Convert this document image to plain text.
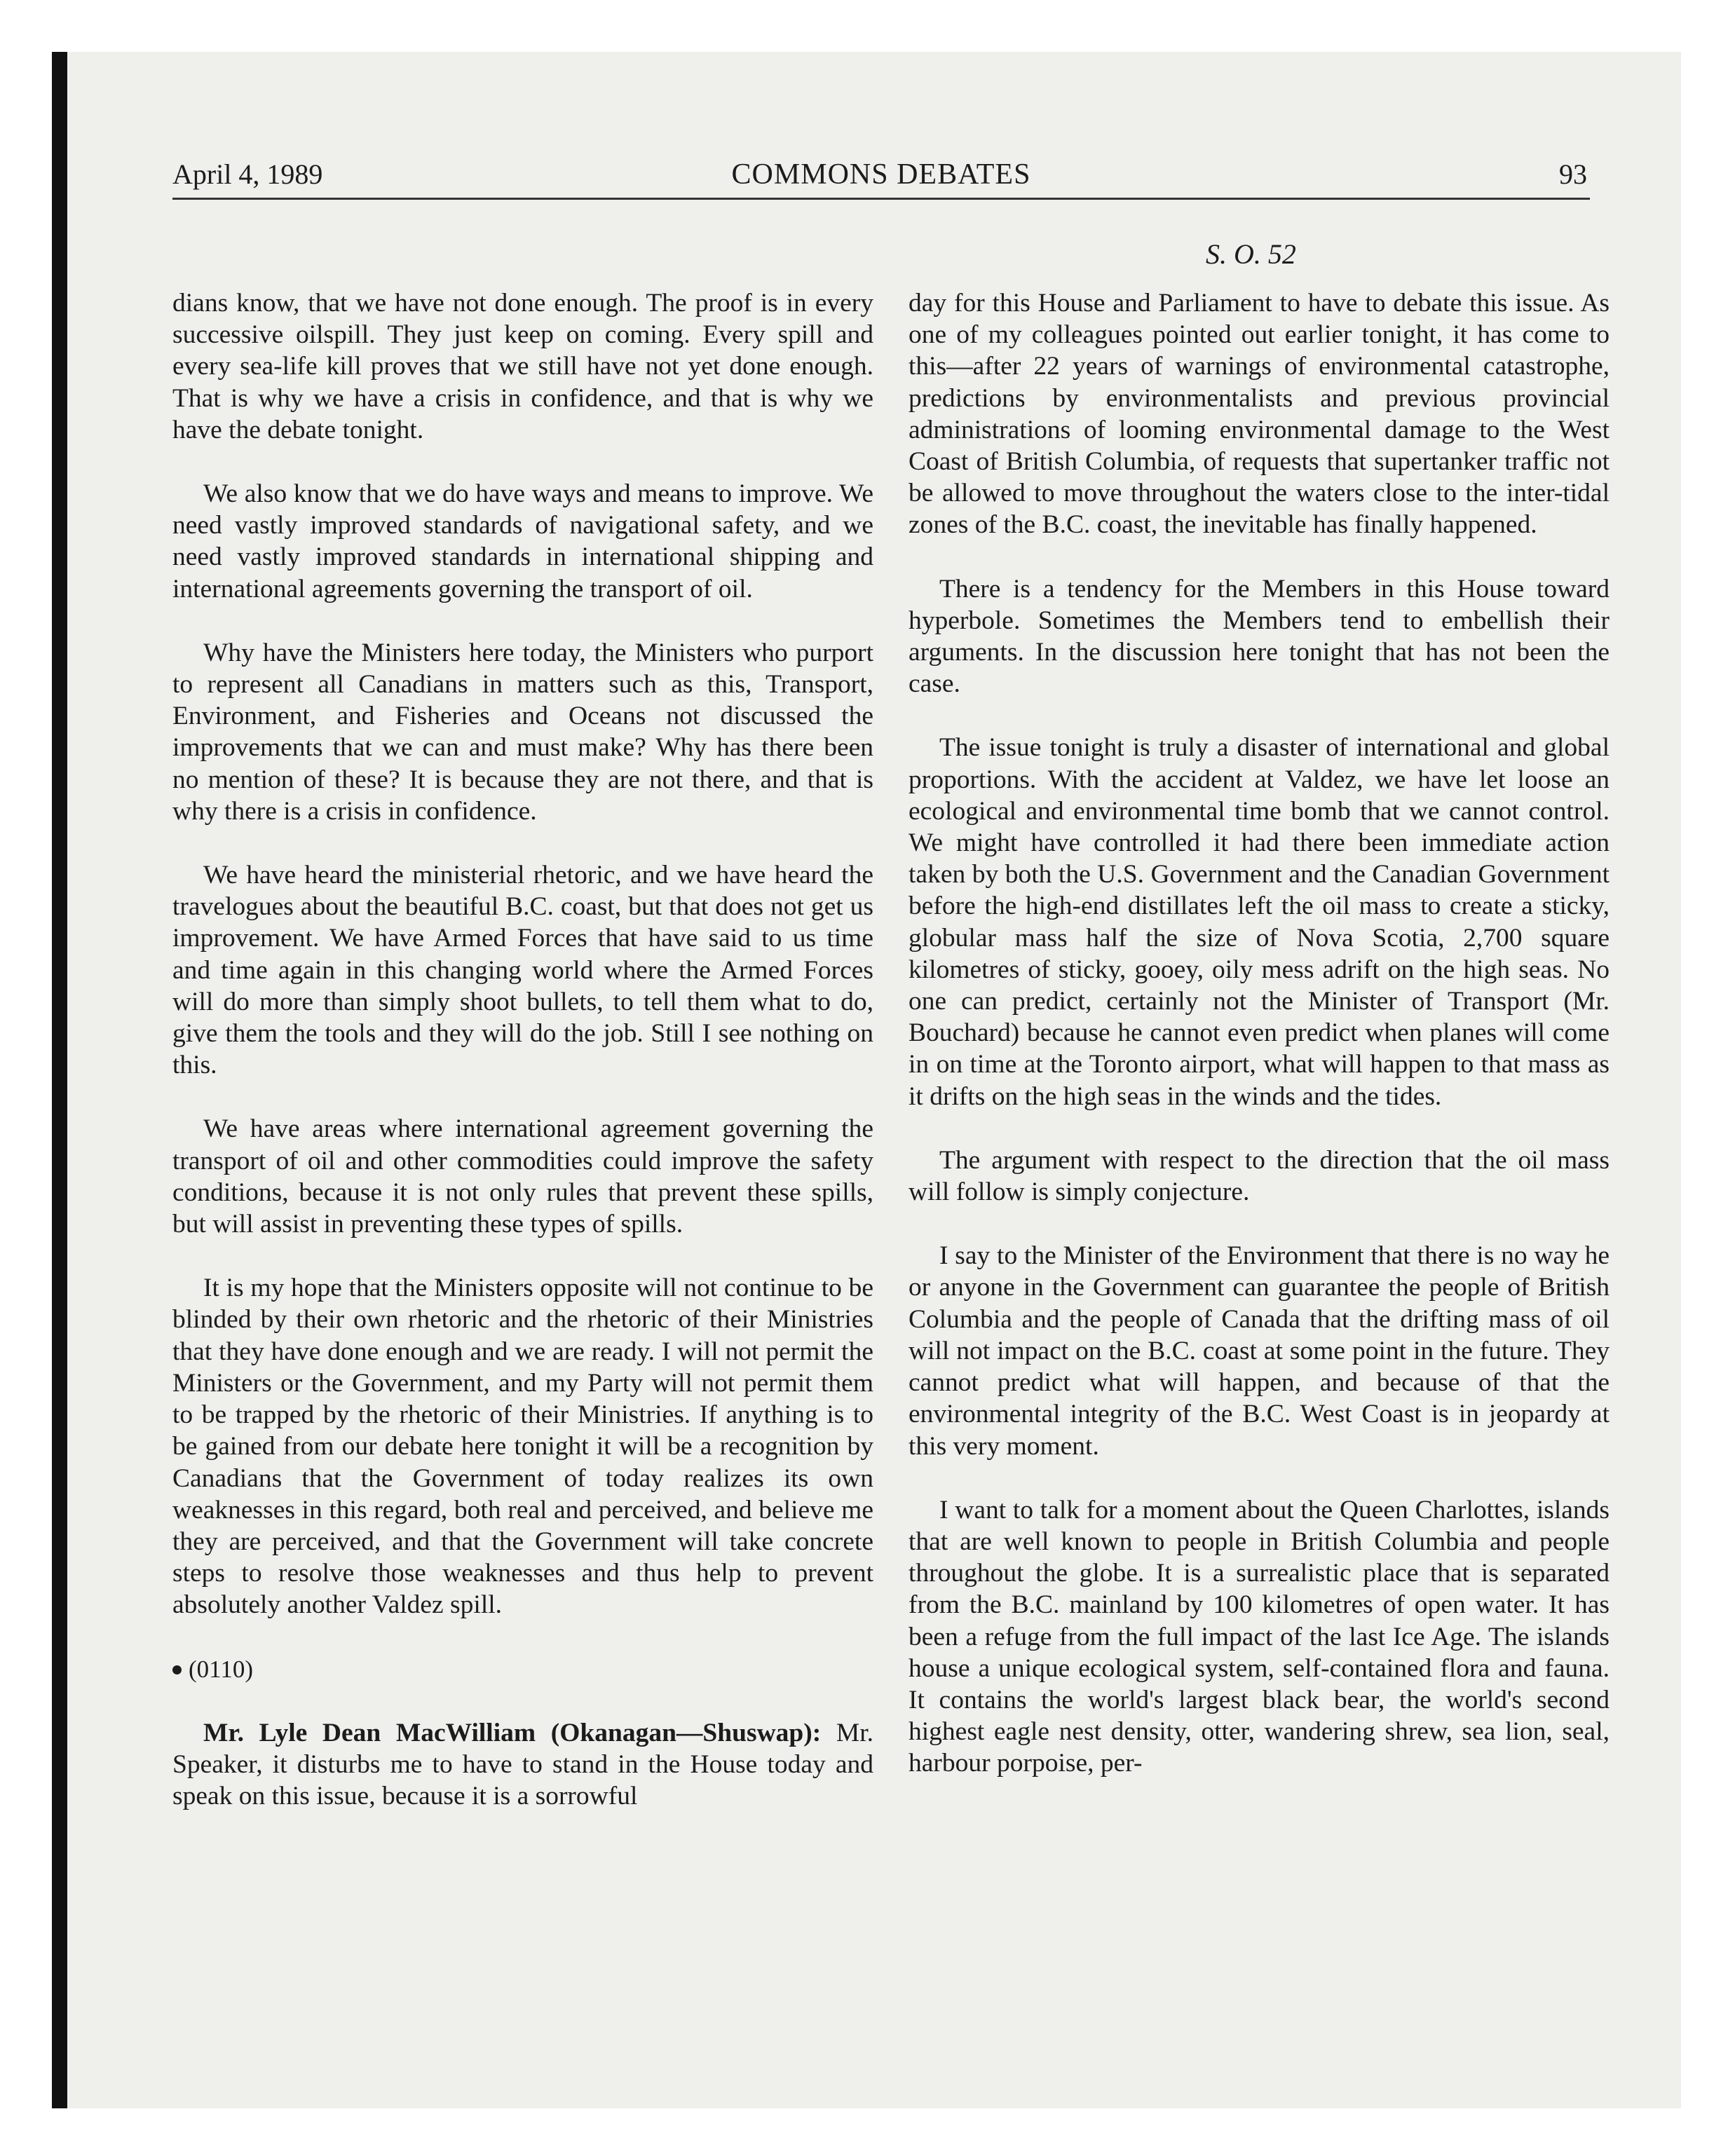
April 4, 1989	COMMONS DEBATES	93
S. O. 52

dians know, that we have not done enough. The proof is in every successive oilspill. They just keep on coming. Every spill and every sea-life kill proves that we still have not yet done enough. That is why we have a crisis in confidence, and that is why we have the debate tonight.

We also know that we do have ways and means to improve. We need vastly improved standards of navigational safety, and we need vastly improved standards in international shipping and international agreements governing the transport of oil.

Why have the Ministers here today, the Ministers who purport to represent all Canadians in matters such as this, Transport, Environment, and Fisheries and Oceans not discussed the improvements that we can and must make? Why has there been no mention of these? It is because they are not there, and that is why there is a crisis in confidence.

We have heard the ministerial rhetoric, and we have heard the travelogues about the beautiful B.C. coast, but that does not get us improvement. We have Armed Forces that have said to us time and time again in this changing world where the Armed Forces will do more than simply shoot bullets, to tell them what to do, give them the tools and they will do the job. Still I see nothing on this.

We have areas where international agreement governing the transport of oil and other commodities could improve the safety conditions, because it is not only rules that prevent these spills, but will assist in preventing these types of spills.

It is my hope that the Ministers opposite will not continue to be blinded by their own rhetoric and the rhetoric of their Ministries that they have done enough and we are ready. I will not permit the Ministers or the Government, and my Party will not permit them to be trapped by the rhetoric of their Ministries. If anything is to be gained from our debate here tonight it will be a recognition by Canadians that the Government of today realizes its own weaknesses in this regard, both real and perceived, and believe me they are perceived, and that the Government will take concrete steps to resolve those weaknesses and thus help to prevent absolutely another Valdez spill.

(0110)

Mr. Lyle Dean MacWilliam (Okanagan—Shuswap): Mr. Speaker, it disturbs me to have to stand in the House today and speak on this issue, because it is a sorrowful

day for this House and Parliament to have to debate this issue. As one of my colleagues pointed out earlier tonight, it has come to this—after 22 years of warnings of environmental catastrophe, predictions by environmentalists and previous provincial administrations of looming environmental damage to the West Coast of British Columbia, of requests that supertanker traffic not be allowed to move throughout the waters close to the inter-tidal zones of the B.C. coast, the inevitable has finally happened.

There is a tendency for the Members in this House toward hyperbole. Sometimes the Members tend to embellish their arguments. In the discussion here tonight that has not been the case.

The issue tonight is truly a disaster of international and global proportions. With the accident at Valdez, we have let loose an ecological and environmental time bomb that we cannot control. We might have controlled it had there been immediate action taken by both the U.S. Government and the Canadian Government before the high-end distillates left the oil mass to create a sticky, globular mass half the size of Nova Scotia, 2,700 square kilometres of sticky, gooey, oily mess adrift on the high seas. No one can predict, certainly not the Minister of Transport (Mr. Bouchard) because he cannot even predict when planes will come in on time at the Toronto airport, what will happen to that mass as it drifts on the high seas in the winds and the tides.

The argument with respect to the direction that the oil mass will follow is simply conjecture.

I say to the Minister of the Environment that there is no way he or anyone in the Government can guarantee the people of British Columbia and the people of Canada that the drifting mass of oil will not impact on the B.C. coast at some point in the future. They cannot predict what will happen, and because of that the environmental integrity of the B.C. West Coast is in jeopardy at this very moment.

I want to talk for a moment about the Queen Charlottes, islands that are well known to people in British Columbia and people throughout the globe. It is a surrealistic place that is separated from the B.C. mainland by 100 kilometres of open water. It has been a refuge from the full impact of the last Ice Age. The islands house a unique ecological system, self-contained flora and fauna. It contains the world's largest black bear, the world's second highest eagle nest density, otter, wandering shrew, sea lion, seal, harbour porpoise, per-
